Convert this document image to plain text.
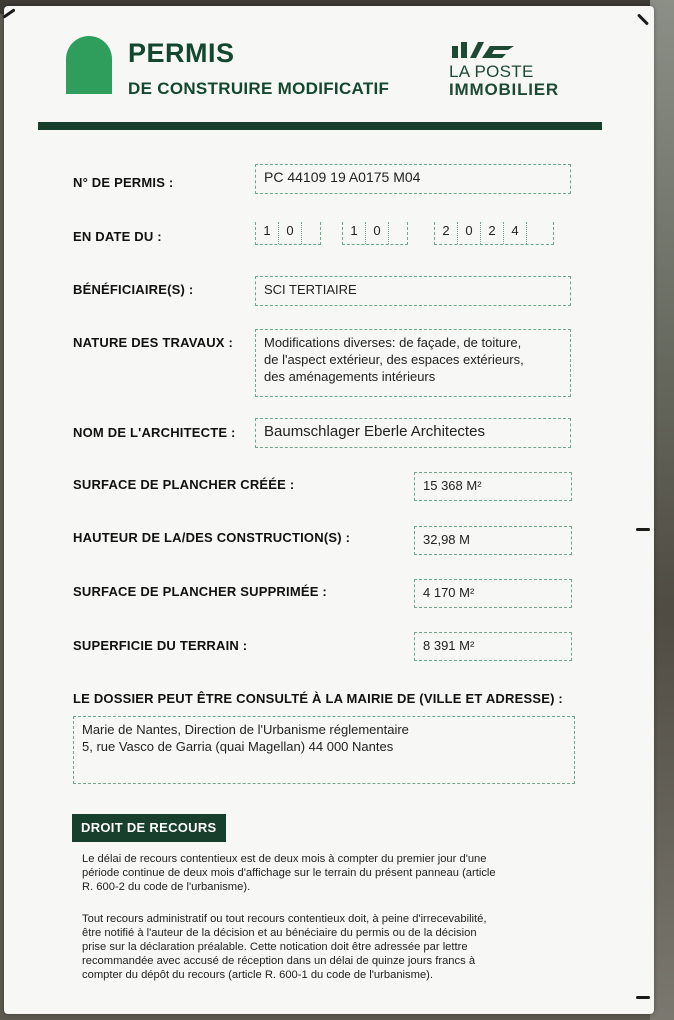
PERMIS
DE CONSTRUIRE MODIFICATIF
LA POSTE
IMMOBILIER
N° DE PERMIS :	PC 44109 19 A0175 M04
EN DATE DU :	1	0	1	0	2	0	2	4
BÉNÉFICIAIRE(S) :	SCI TERTIAIRE
NATURE DES TRAVAUX : Modifications diverses: de façade, de toiture,
de l'aspect extérieur, des espaces extérieurs,
des aménagements intérieurs
NOM DE L'ARCHITECTE :	Baumschlager Eberle Architectes
SURFACE DE PLANCHER CRÉÉE :	15 368 M²
HAUTEUR DE LA/DES CONSTRUCTION(S) :	32,98 M
SURFACE DE PLANCHER SUPPRIMÉE :	4 170 M²
SUPERFICIE DU TERRAIN :	8 391 M²
LE DOSSIER PEUT ÊTRE CONSULTÉ À LA MAIRIE DE (VILLE ET ADRESSE) :
Marie de Nantes, Direction de l'Urbanisme réglementaire
5, rue Vasco de Garria (quai Magellan) 44 000 Nantes
DROIT DE RECOURS
Le délai de recours contentieux est de deux mois à compter du premier jour d'une
période continue de deux mois d'affichage sur le terrain du présent panneau (article
R. 600-2 du code de l'urbanisme).
Tout recours administratif ou tout recours contentieux doit, à peine d'irrecevabilité,
être notifié à l'auteur de la décision et au bénéciaire du permis ou de la décision
prise sur la déclaration préalable. Cette notication doit être adressée par lettre
recommandée avec accusé de réception dans un délai de quinze jours francs à
compter du dépôt du recours (article R. 600-1 du code de l'urbanisme).
